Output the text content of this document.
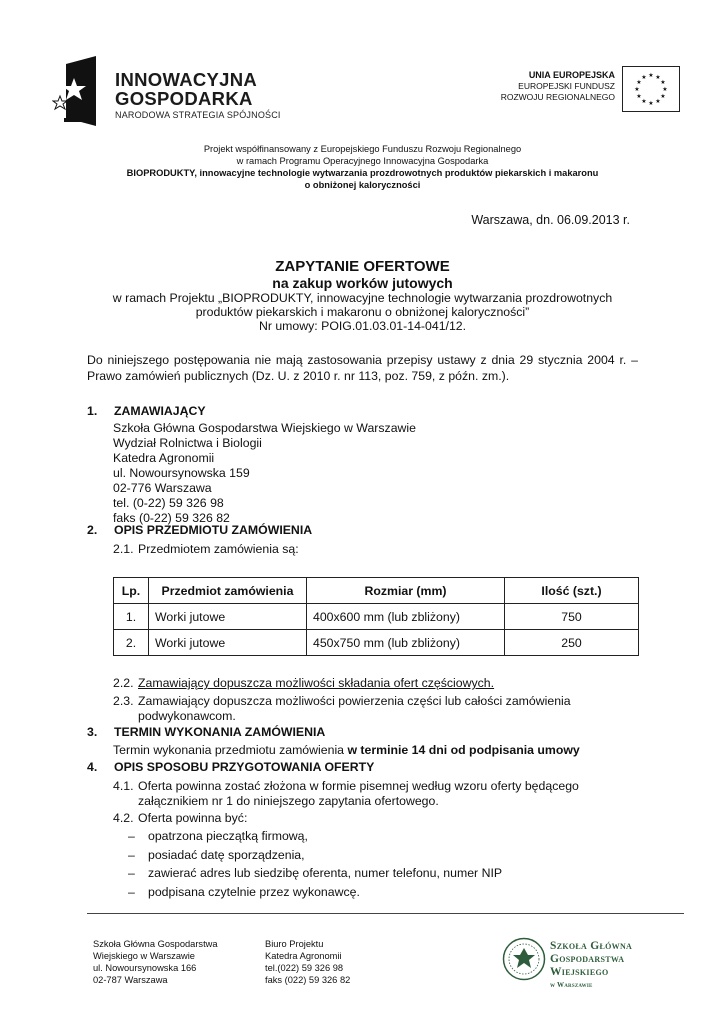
INNOWACYJNA
GOSPODARKA
NARODOWA STRATEGIA SPÓJNOŚCI
UNIA EUROPEJSKA
EUROPEJSKI FUNDUSZ
ROZWOJU REGIONALNEGO
★ ★
★
★
★
★
★
★
★
★
★
★
Projekt współfinansowany z Europejskiego Funduszu Rozwoju Regionalnego
w ramach Programu Operacyjnego Innowacyjna Gospodarka
BIOPRODUKTY, innowacyjne technologie wytwarzania prozdrowotnych produktów piekarskich i makaronu
o obniżonej kaloryczności
Warszawa, dn. 06.09.2013 r.
ZAPYTANIE OFERTOWE
na zakup worków jutowych
w ramach Projektu „BIOPRODUKTY, innowacyjne technologie wytwarzania prozdrowotnych
produktów piekarskich i makaronu o obniżonej kaloryczności”
Nr umowy: POIG.01.03.01-14-041/12.
Do niniejszego postępowania nie mają zastosowania przepisy ustawy z dnia 29 stycznia 2004 r. – Prawo zamówień publicznych (Dz. U. z 2010 r. nr 113, poz. 759, z późn. zm.).
1. ZAMAWIAJĄCY
Szkoła Główna Gospodarstwa Wiejskiego w Warszawie
Wydział Rolnictwa i Biologii
Katedra Agronomii
ul. Nowoursynowska 159
02-776 Warszawa
tel. (0-22) 59 326 98
faks (0-22) 59 326 82
2. OPIS PRZEDMIOTU ZAMÓWIENIA
2.1. Przedmiotem zamówienia są:
Lp.	Przedmiot zamówienia	Rozmiar (mm)	Ilość (szt.)
1.	Worki jutowe	400x600 mm (lub zbliżony)	750
2.	Worki jutowe	450x750 mm (lub zbliżony)	250
2.2. Zamawiający dopuszcza możliwości składania ofert częściowych.
2.3. Zamawiający dopuszcza możliwości powierzenia części lub całości zamówienia
podwykonawcom.
3. TERMIN WYKONANIA ZAMÓWIENIA
Termin wykonania przedmiotu zamówienia w terminie 14 dni od podpisania umowy
4. OPIS SPOSOBU PRZYGOTOWANIA OFERTY
4.1. Oferta powinna zostać złożona w formie pisemnej według wzoru oferty będącego
załącznikiem nr 1 do niniejszego zapytania ofertowego.
4.2. Oferta powinna być:
– opatrzona pieczątką firmową,
– posiadać datę sporządzenia,
– zawierać adres lub siedzibę oferenta, numer telefonu, numer NIP
– podpisana czytelnie przez wykonawcę.
Szkoła Główna Gospodarstwa
Wiejskiego w Warszawie
ul. Nowoursynowska 166
02-787 Warszawa
Biuro Projektu
Katedra Agronomii
tel.(022) 59 326 98
faks (022) 59 326 82
Szkoła Główna
Gospodarstwa
Wiejskiego
w Warszawie
